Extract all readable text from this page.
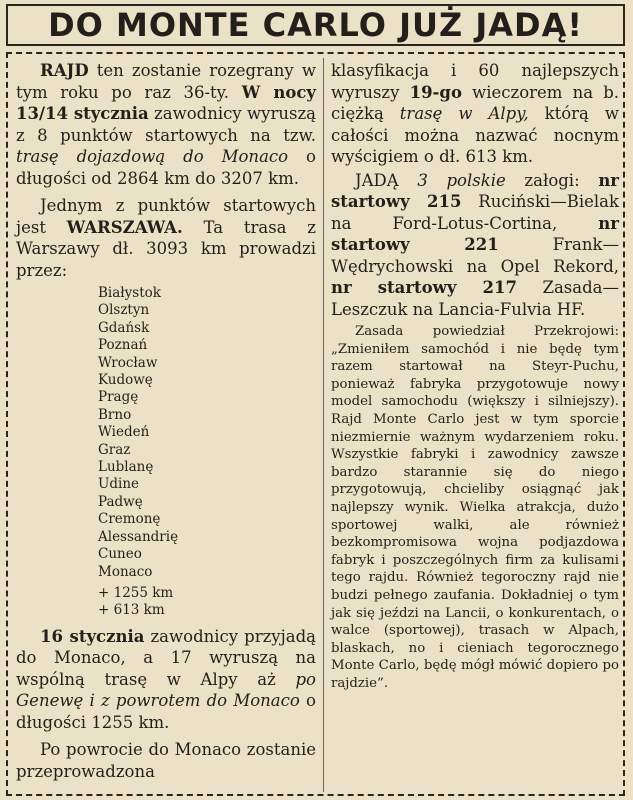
DO MONTE CARLO JUŻ JADĄ!

RAJD ten zostanie rozegrany w tym roku po raz 36-ty. W nocy 13/14 stycznia zawodnicy wyruszą z 8 punktów startowych na tzw. trasę dojazdową do Monaco o długości od 2864 km do 3207 km.

Jednym z punktów startowych jest WARSZAWA. Ta trasa z Warszawy dł. 3093 km prowadzi przez:

Białystok
Olsztyn
Gdańsk
Poznań
Wrocław
Kudowę
Pragę
Brno
Wiedeń
Graz
Lublanę
Udine
Padwę
Cremonę
Alessandrię
Cuneo
Monaco
+ 1255 km
+ 613 km

16 stycznia zawodnicy przyjadą do Monaco, a 17 wyruszą na wspólną trasę w Alpy aż po Genewę i z powrotem do Monaco o długości 1255 km.

Po powrocie do Monaco zostanie przeprowadzona

klasyfikacja i 60 najlepszych wyruszy 19-go wieczorem na b. ciężką trasę w Alpy, którą w całości można nazwać nocnym wyścigiem o dł. 613 km.

JADĄ 3 polskie załogi: nr startowy 215 Ruciński—Bielak na Ford-Lotus-Cortina, nr startowy 221 Frank—Wędrychowski na Opel Rekord, nr startowy 217 Zasada—Leszczuk na Lancia-Fulvia HF.

Zasada powiedział Przekrojowi: „Zmieniłem samochód i nie będę tym razem startował na Steyr-Puchu, ponieważ fabryka przygotowuje nowy model samochodu (większy i silniejszy). Rajd Monte Carlo jest w tym sporcie niezmiernie ważnym wydarzeniem roku. Wszystkie fabryki i zawodnicy zawsze bardzo starannie się do niego przygotowują, chcieliby osiągnąć jak najlepszy wynik. Wielka atrakcja, dużo sportowej walki, ale również bezkompromisowa wojna podjazdowa fabryk i poszczególnych firm za kulisami tego rajdu. Również tegoroczny rajd nie budzi pełnego zaufania. Dokładniej o tym jak się jeździ na Lancii, o konkurentach, o walce (sportowej), trasach w Alpach, blaskach, no i cieniach tegorocznego Monte Carlo, będę mógł mówić dopiero po rajdzie”.
